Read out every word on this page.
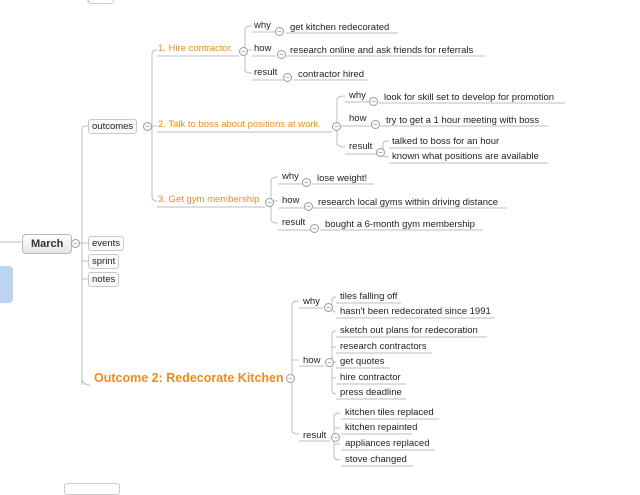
March
–
outcomes
–
events
sprint
notes
1. Hire contractor.
–
why – get kitchen redecorated
how – research online and ask friends for referrals
result – contractor hired
2. Talk to boss about positions at work.
–
why – look for skill set to develop for promotion
how – try to get a 1 hour meeting with boss
result
– talked to boss for an hour
known what positions are available
3. Get gym membership
–
why – lose weight!
how – research local gyms within driving distance
result – bought a 6-month gym membership
Outcome 2: Redecorate Kitchen
–
why
– tiles falling off
hasn't been redecorated since 1991
how
–
sketch out plans for redecoration
research contractors
get quotes
hire contractor
press deadline
result
–
kitchen tiles replaced
kitchen repainted
appliances replaced
stove changed
